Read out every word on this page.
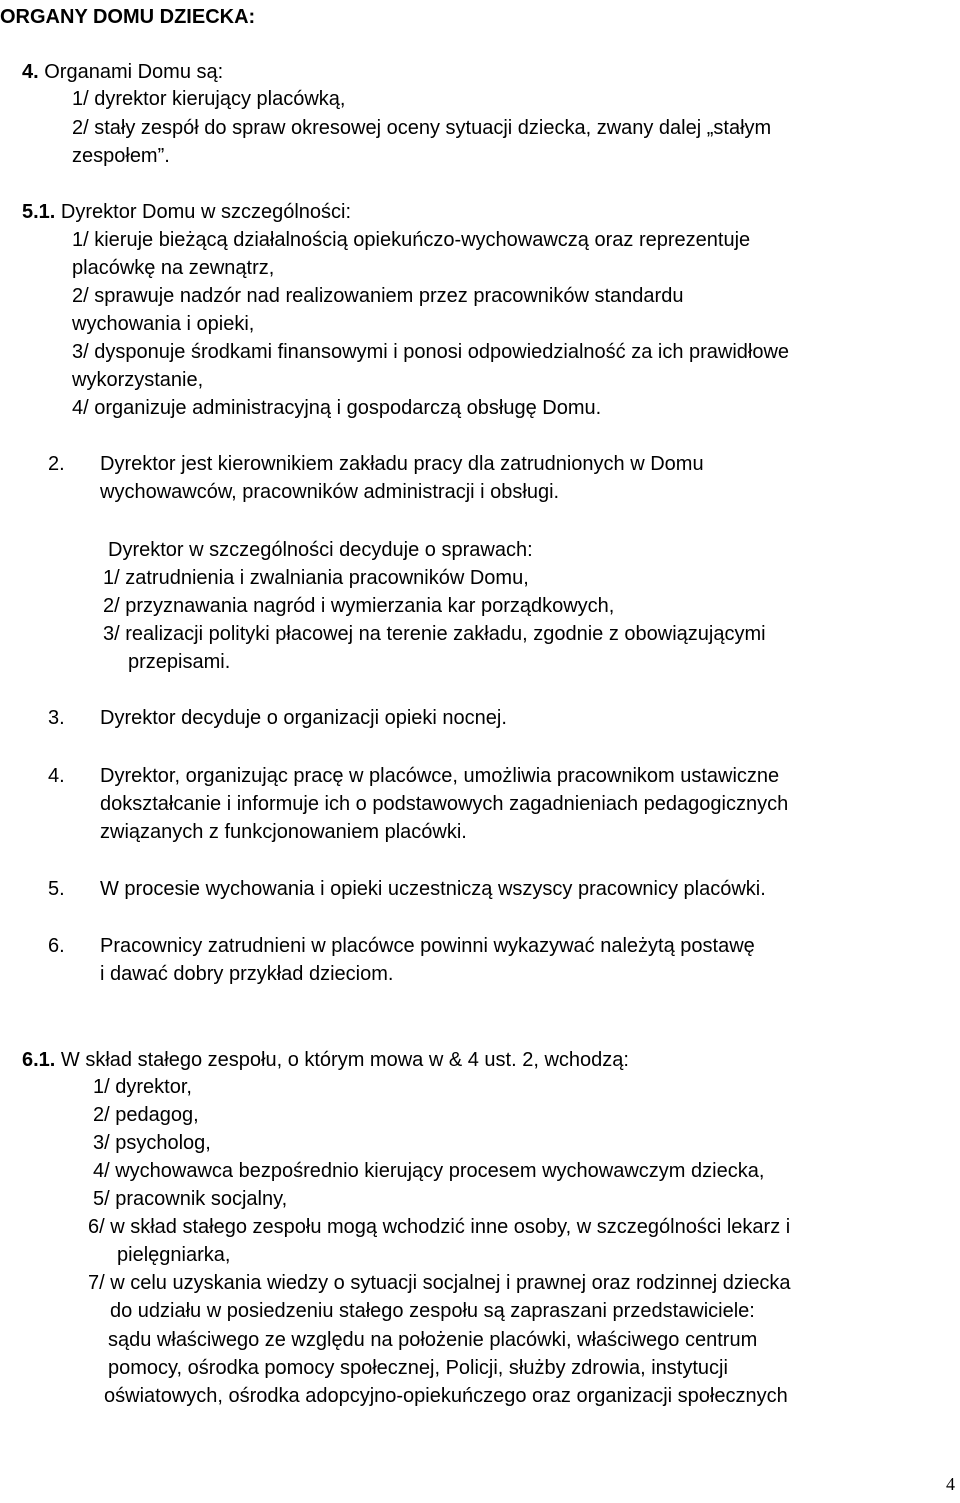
ORGANY DOMU DZIECKA:
4. Organami Domu są:
1/ dyrektor kierujący placówką,
2/ stały zespół do spraw okresowej oceny sytuacji dziecka, zwany dalej „stałym
zespołem”.
5.1. Dyrektor Domu w szczególności:
1/ kieruje bieżącą działalnością opiekuńczo-wychowawczą oraz reprezentuje
placówkę na zewnątrz,
2/ sprawuje nadzór nad realizowaniem przez pracowników standardu
wychowania i opieki,
3/ dysponuje środkami finansowymi i ponosi odpowiedzialność za ich prawidłowe
wykorzystanie,
4/ organizuje administracyjną i gospodarczą obsługę Domu.
2. Dyrektor jest kierownikiem zakładu pracy dla zatrudnionych w Domu
wychowawców, pracowników administracji i obsługi.
Dyrektor w szczególności decyduje o sprawach:
1/ zatrudnienia i zwalniania pracowników Domu,
2/ przyznawania nagród i wymierzania kar porządkowych,
3/ realizacji polityki płacowej na terenie zakładu, zgodnie z obowiązującymi
przepisami.
3. Dyrektor decyduje o organizacji opieki nocnej.
4. Dyrektor, organizując pracę w placówce, umożliwia pracownikom ustawiczne
dokształcanie i informuje ich o podstawowych zagadnieniach pedagogicznych
związanych z funkcjonowaniem placówki.
5. W procesie wychowania i opieki uczestniczą wszyscy pracownicy placówki.
6. Pracownicy zatrudnieni w placówce powinni wykazywać należytą postawę
i dawać dobry przykład dzieciom.
6.1. W skład stałego zespołu, o którym mowa w & 4 ust. 2, wchodzą:
1/ dyrektor,
2/ pedagog,
3/ psycholog,
4/ wychowawca bezpośrednio kierujący procesem wychowawczym dziecka,
5/ pracownik socjalny,
6/ w skład stałego zespołu mogą wchodzić inne osoby, w szczególności lekarz i
pielęgniarka,
7/ w celu uzyskania wiedzy o sytuacji socjalnej i prawnej oraz rodzinnej dziecka
do udziału w posiedzeniu stałego zespołu są zapraszani przedstawiciele:
sądu właściwego ze względu na położenie placówki, właściwego centrum
pomocy, ośrodka pomocy społecznej, Policji, służby zdrowia, instytucji
oświatowych, ośrodka adopcyjno-opiekuńczego oraz organizacji społecznych
4
